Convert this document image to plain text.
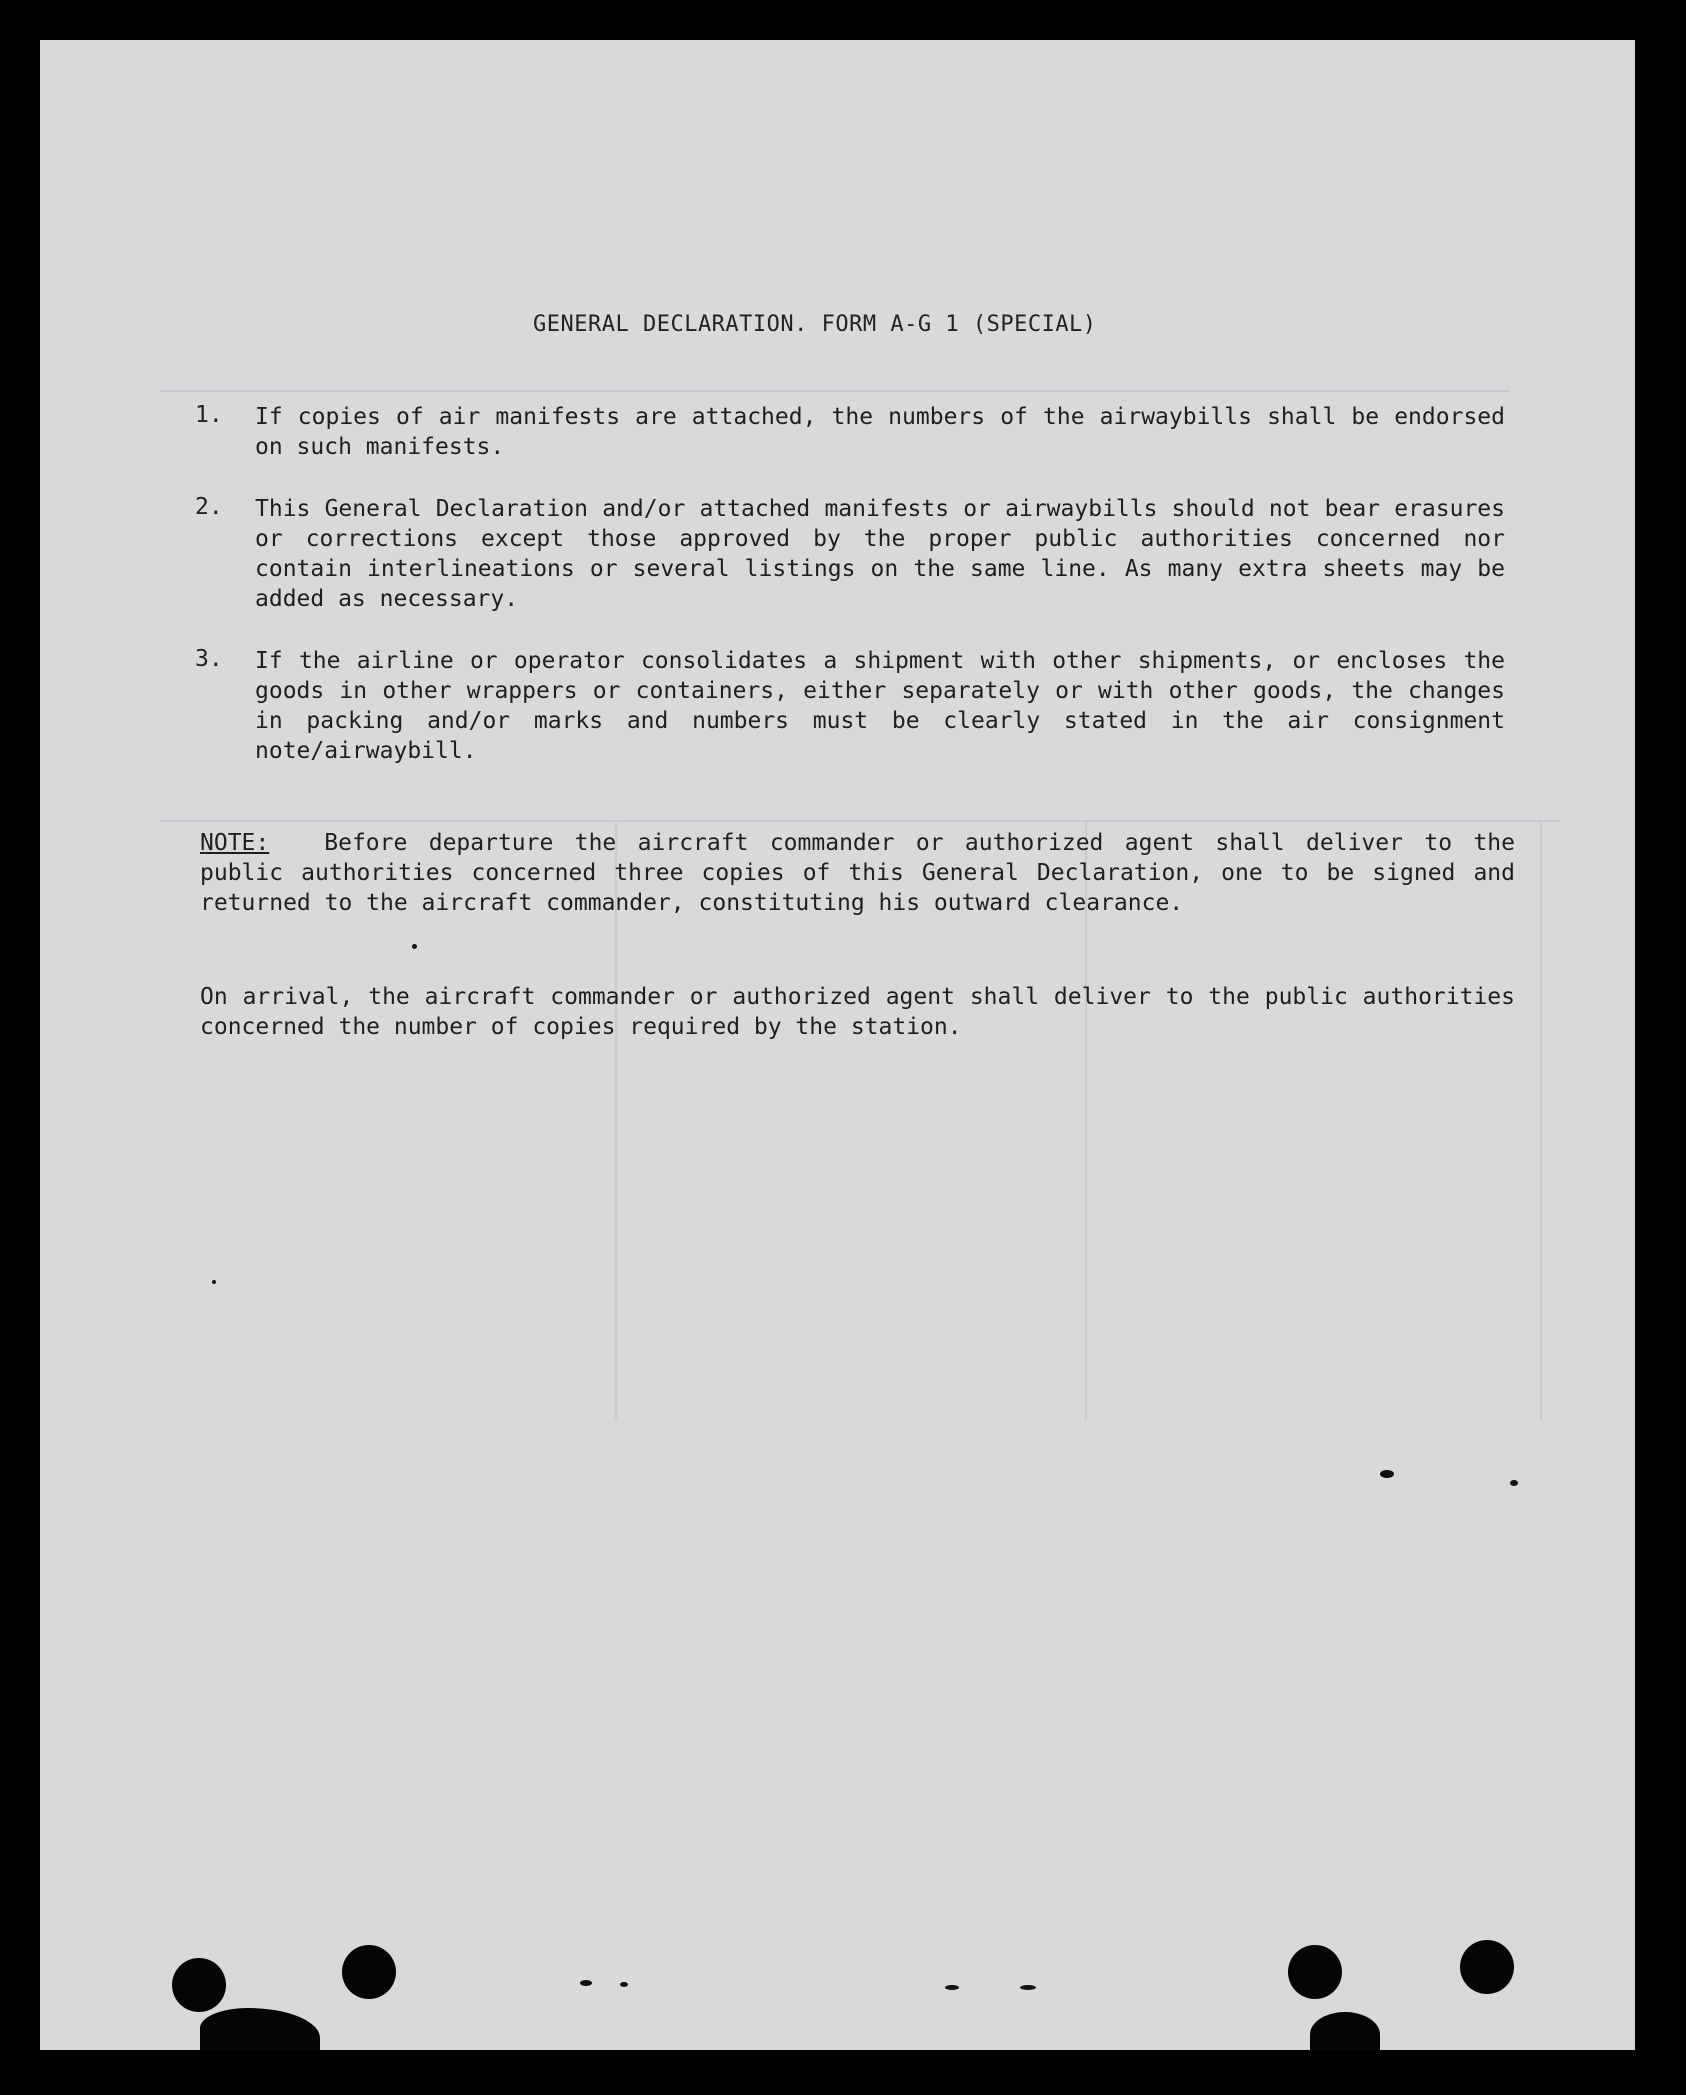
GENERAL DECLARATION. FORM A-G 1 (SPECIAL)
1. If copies of air manifests are attached, the numbers of the airwaybills shall be endorsed on such manifests.
2. This General Declaration and/or attached manifests or airwaybills should not bear erasures or corrections except those approved by the proper public authorities concerned nor contain interlineations or several listings on the same line. As many extra sheets may be added as necessary.
3. If the airline or operator consolidates a shipment with other shipments, or encloses the goods in other wrappers or containers, either separately or with other goods, the changes in packing and/or marks and numbers must be clearly stated in the air consignment note/airwaybill.
NOTE: Before departure the aircraft commander or authorized agent shall deliver to the public authorities concerned three copies of this General Declaration, one to be signed and returned to the aircraft commander, constituting his outward clearance.
On arrival, the aircraft commander or authorized agent shall deliver to the public authorities concerned the number of copies required by the station.
